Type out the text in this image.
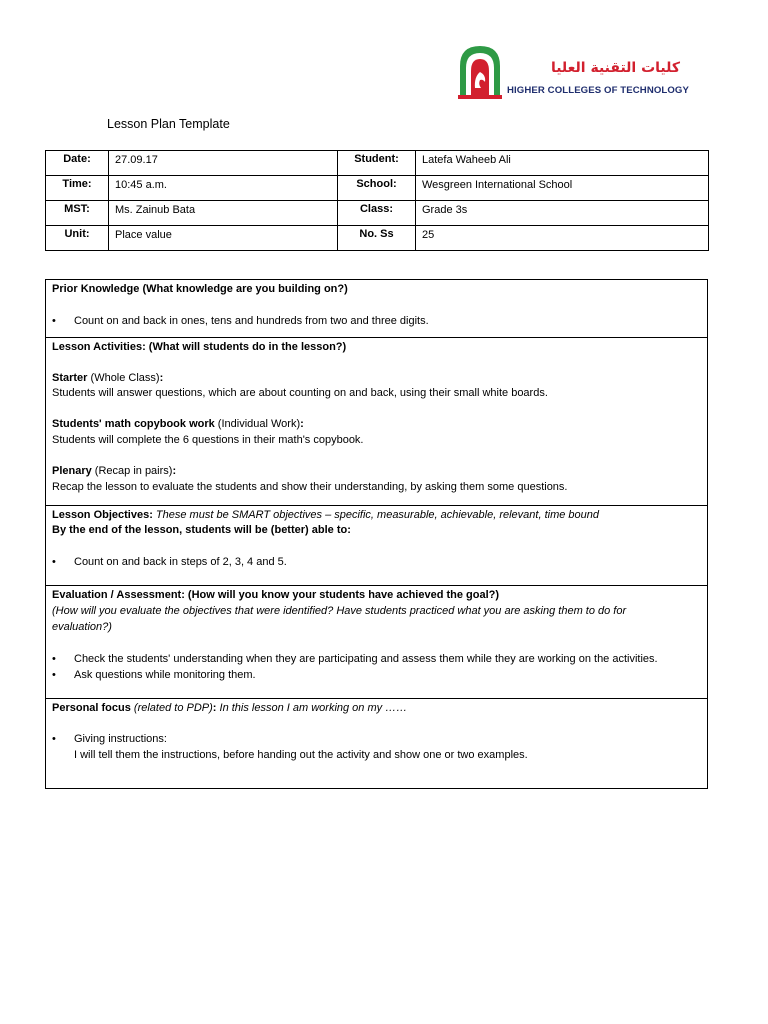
كليات التقنية العليا
HIGHER COLLEGES OF TECHNOLOGY
Lesson Plan Template
Date:	27.09.17	Student:	Latefa Waheeb Ali
Time:	10:45 a.m.	School:	Wesgreen International School
MST:	Ms. Zainub Bata	Class:	Grade 3s
Unit:	Place value	No. Ss	25
Prior Knowledge (What knowledge are you building on?)
• Count on and back in ones, tens and hundreds from two and three digits.
Lesson Activities: (What will students do in the lesson?)
Starter (Whole Class):
Students will answer questions, which are about counting on and back, using their small white boards.
Students' math copybook work (Individual Work):
Students will complete the 6 questions in their math's copybook.
Plenary (Recap in pairs):
Recap the lesson to evaluate the students and show their understanding, by asking them some questions.
Lesson Objectives: These must be SMART objectives – specific, measurable, achievable, relevant, time bound
By the end of the lesson, students will be (better) able to:
• Count on and back in steps of 2, 3, 4 and 5.
Evaluation / Assessment: (How will you know your students have achieved the goal?)
(How will you evaluate the objectives that were identified? Have students practiced what you are asking them to do for
evaluation?)
• Check the students' understanding when they are participating and assess them while they are working on the activities.
• Ask questions while monitoring them.
Personal focus (related to PDP): In this lesson I am working on my ……
• Giving instructions:
I will tell them the instructions, before handing out the activity and show one or two examples.
